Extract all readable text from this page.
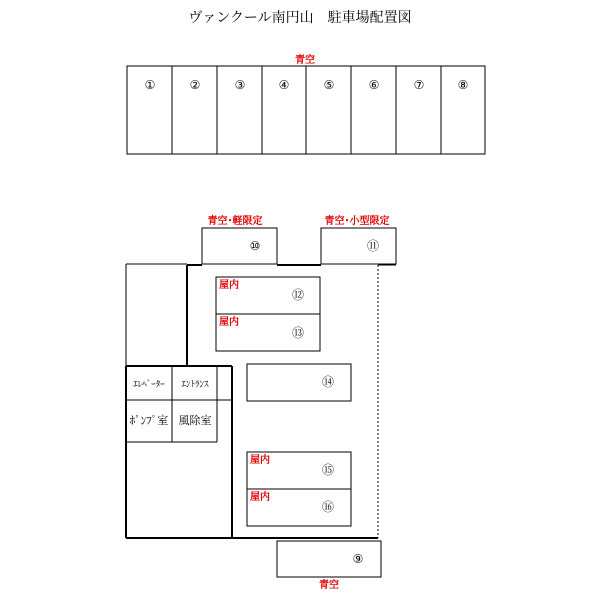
ヴァンクール南円山　駐車場配置図
青空
①	②	③	④	⑤	⑥	⑦	⑧
青空･軽限定
⑩
青空･小型限定
⑪
ｴﾚﾍﾞｰﾀｰ ｴﾝﾄﾗﾝｽ
ﾎﾟﾝﾌﾟ室 風除室
屋内
⑫
屋内
⑬
⑭
屋内
⑮
屋内
⑯
⑨
青空
